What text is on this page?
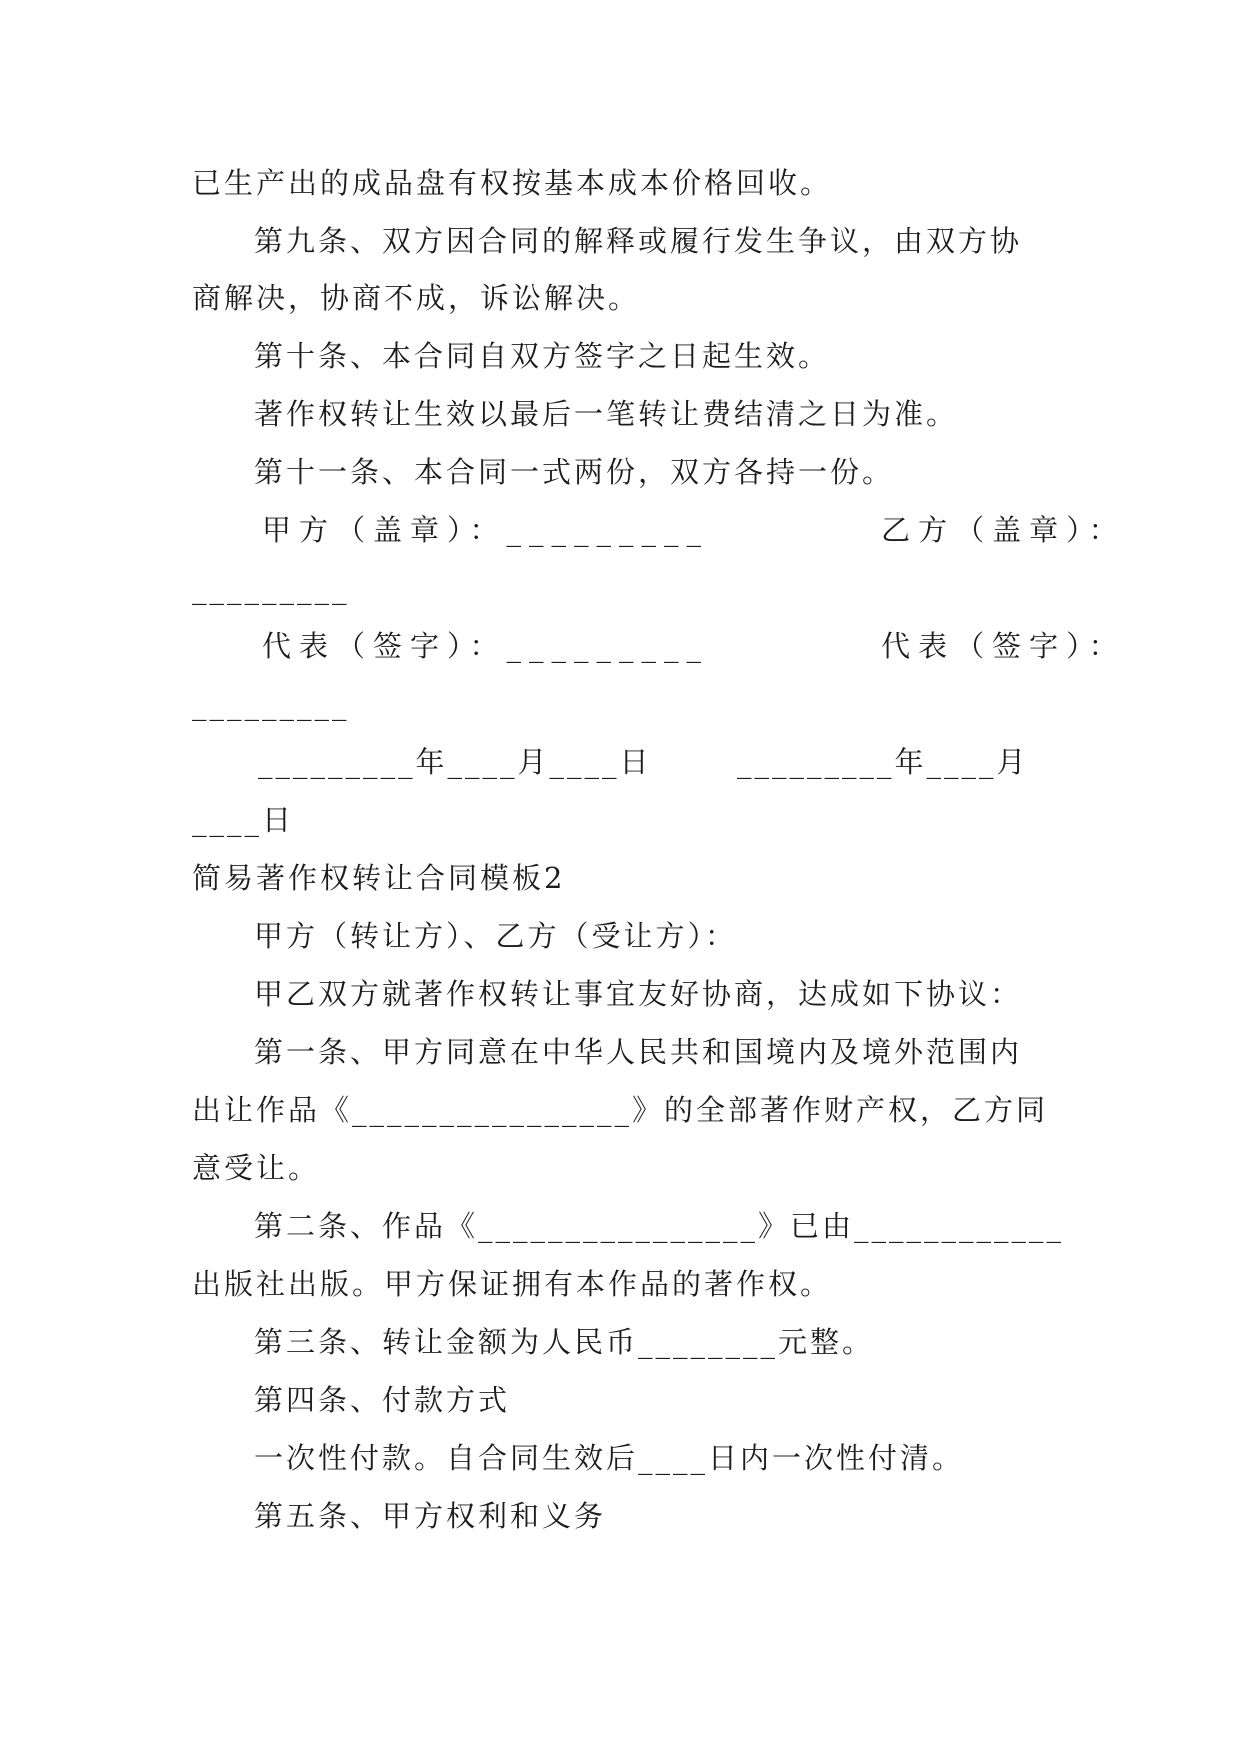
已生产出的成品盘有权按基本成本价格回收。

第九条、双方因合同的解释或履行发生争议，由双方协

商解决，协商不成，诉讼解决。

第十条、本合同自双方签字之日起生效。

著作权转让生效以最后一笔转让费结清之日为准。

第十一条、本合同一式两份，双方各持一份。

甲方（盖章）：_________          乙方（盖章）：

_________

代表（签字）：_________          代表（签字）：

_________

_________年____月____日       _________年____月

____日

简易著作权转让合同模板2

甲方（转让方）、乙方（受让方）：

甲乙双方就著作权转让事宜友好协商，达成如下协议：

第一条、甲方同意在中华人民共和国境内及境外范围内

出让作品《________________》的全部著作财产权，乙方同

意受让。

第二条、作品《________________》已由____________

出版社出版。甲方保证拥有本作品的著作权。

第三条、转让金额为人民币________元整。

第四条、付款方式

一次性付款。自合同生效后____日内一次性付清。

第五条、甲方权利和义务
